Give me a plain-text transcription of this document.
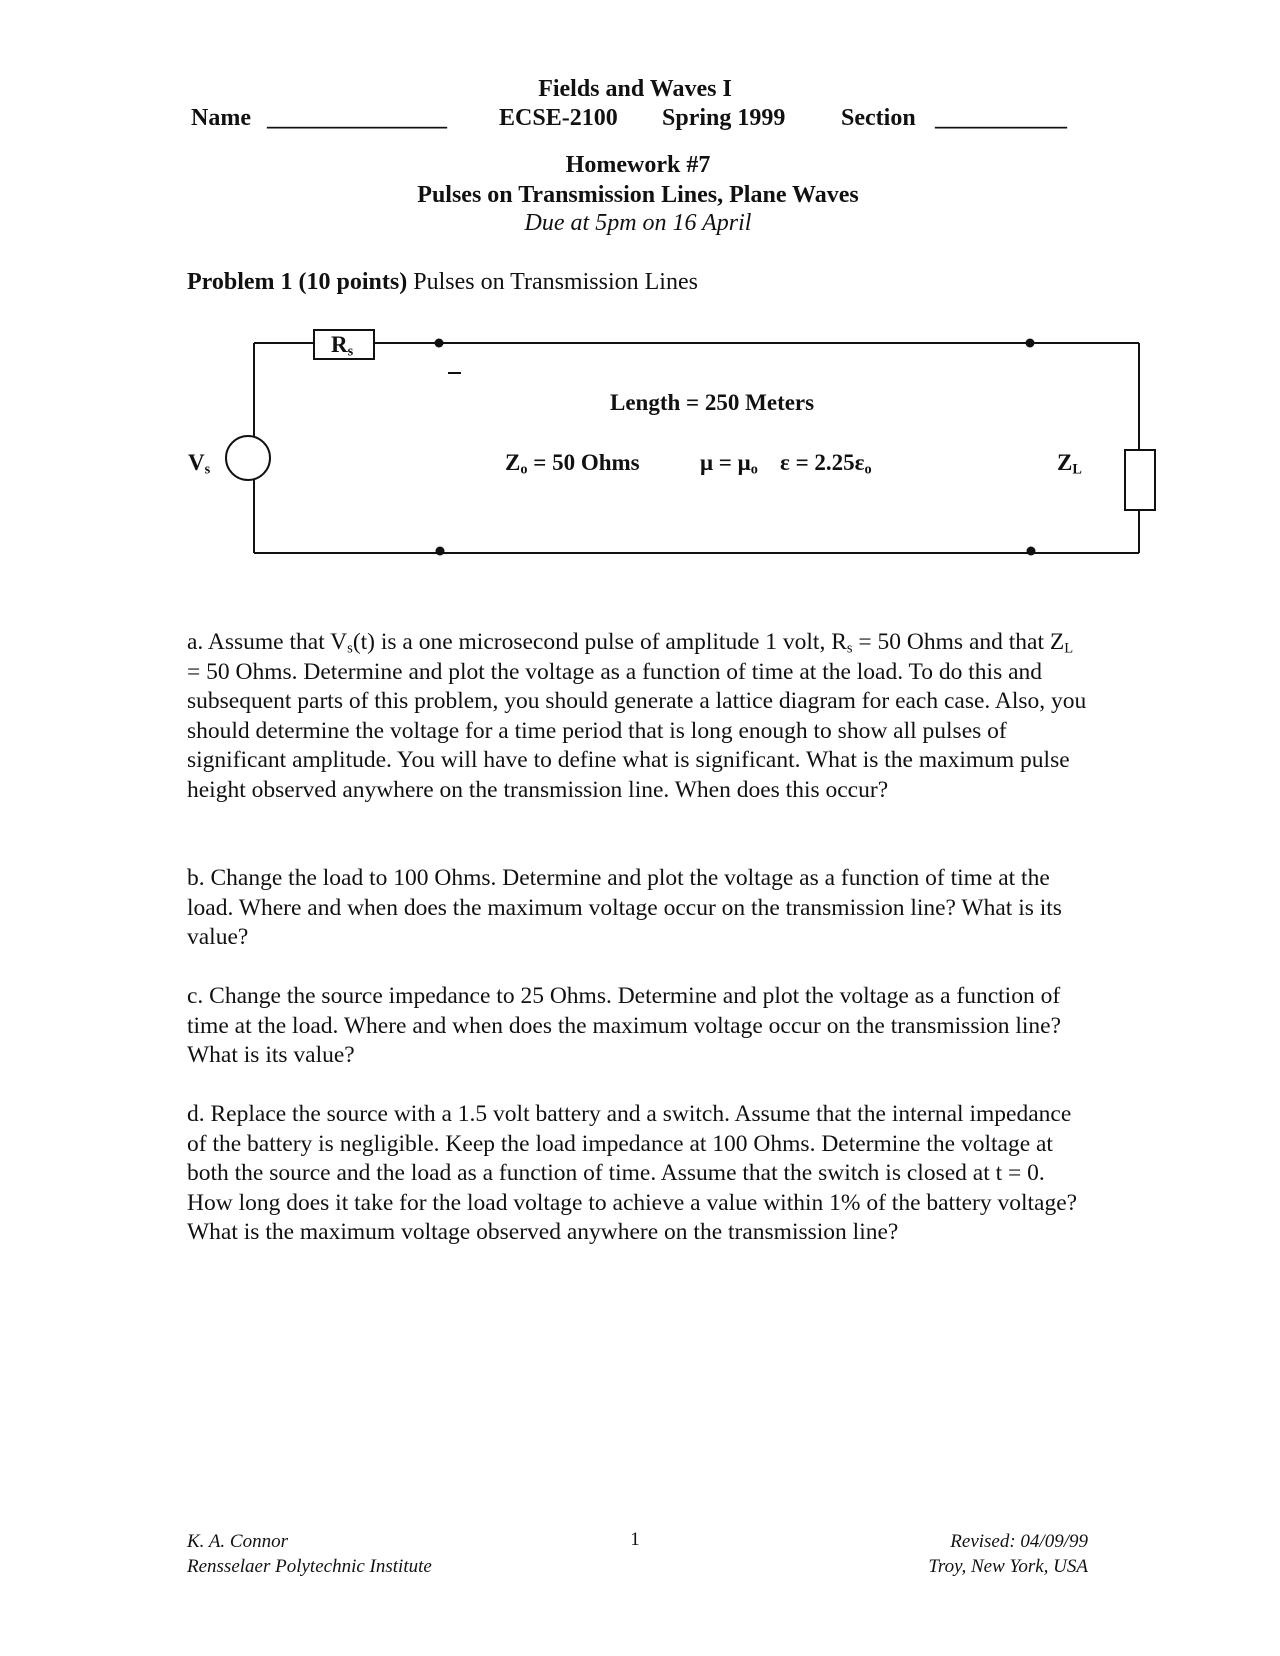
Fields and Waves I
Name _______________ ECSE-2100 Spring 1999 Section ___________
Homework #7
Pulses on Transmission Lines, Plane Waves
Due at 5pm on 16 April
Problem 1 (10 points) Pulses on Transmission Lines
$R_s$
$V_s$
Length = 250 Meters
$Z_o = 50$ Ohms	$\mu = \mu_o$ $\varepsilon = 2.25\varepsilon_o$	$Z_L$
a. Assume that $V_s(t)$ is a one microsecond pulse of amplitude 1 volt, $R_s = 50$ Ohms and that $Z_L = 50$ Ohms. Determine and plot the voltage as a function of time at the load. To do this and subsequent parts of this problem, you should generate a lattice diagram for each case. Also, you should determine the voltage for a time period that is long enough to show all pulses of significant amplitude. You will have to define what is significant. What is the maximum pulse height observed anywhere on the transmission line. When does this occur?
b. Change the load to 100 Ohms. Determine and plot the voltage as a function of time at the load. Where and when does the maximum voltage occur on the transmission line? What is its value?
c. Change the source impedance to 25 Ohms. Determine and plot the voltage as a function of time at the load. Where and when does the maximum voltage occur on the transmission line? What is its value?
d. Replace the source with a 1.5 volt battery and a switch. Assume that the internal impedance of the battery is negligible. Keep the load impedance at 100 Ohms. Determine the voltage at both the source and the load as a function of time. Assume that the switch is closed at t = 0. How long does it take for the load voltage to achieve a value within 1% of the battery voltage? What is the maximum voltage observed anywhere on the transmission line?
K. A. Connor
Rensselaer Polytechnic Institute
1	Revised: 04/09/99
Troy, New York, USA
